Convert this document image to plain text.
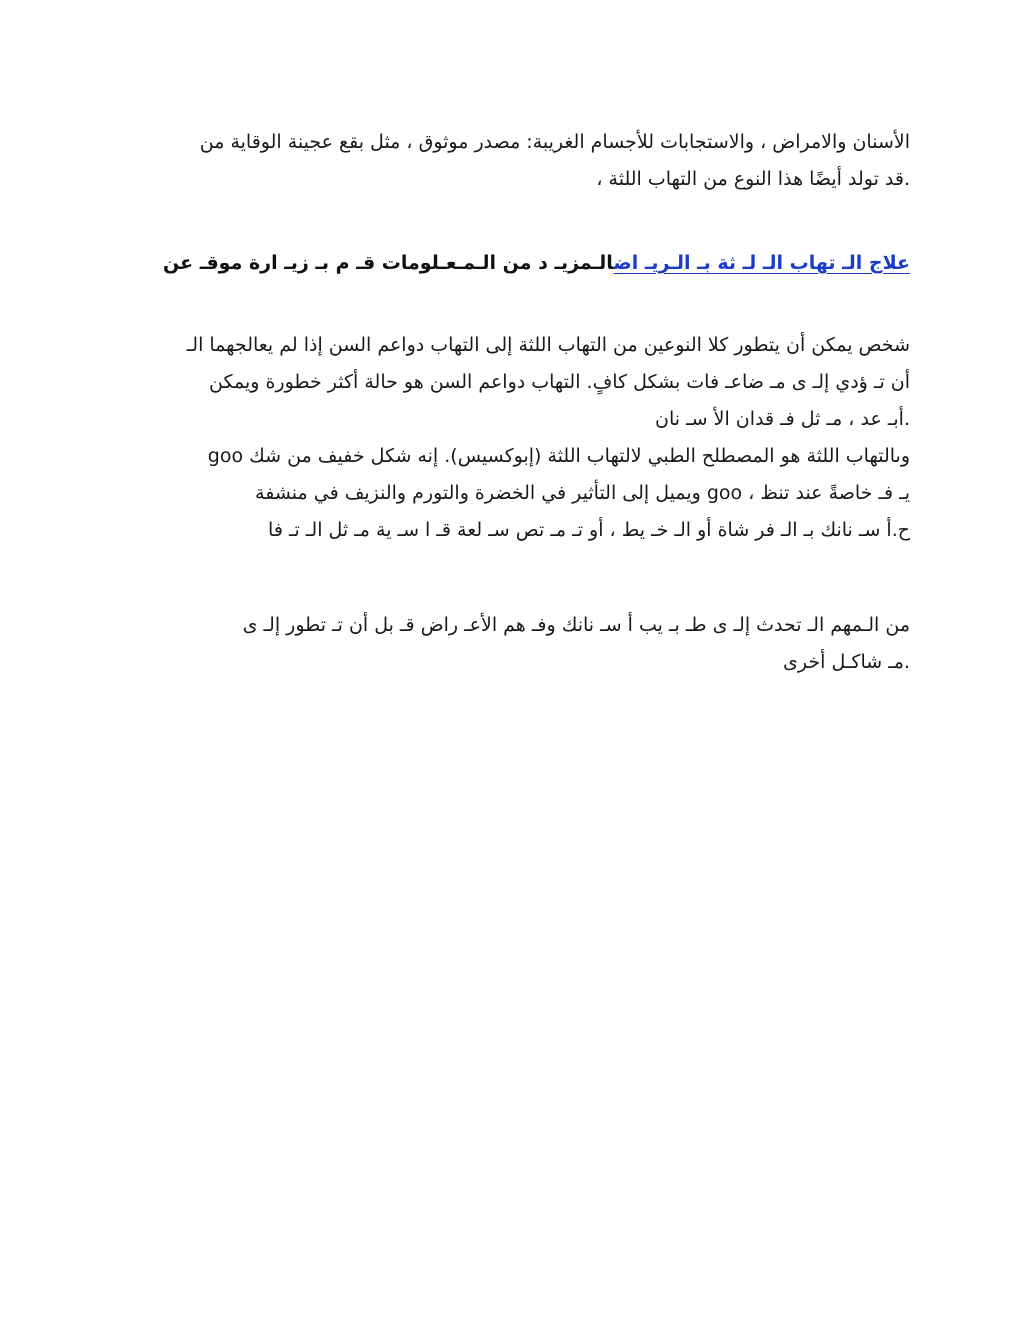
الأسنان والامراض ، والاستجابات للأجسام الغريبة: مصدر موثوق ، مثل بقع عجينة الوقاية من
.قد تولد أيضًا هذا النوع من التهاب اللثة ،
علاج الـ تهاب الـ لـ ثة بـ الـريـ اضالـمزيـ د من الـمـعـلومات قـ م بـ زيـ ارة موقـ عن
شخص يمكن أن يتطور كلا النوعين من التهاب اللثة إلى التهاب دواعم السن إذا لم يعالجهما الـ
أن تـ ؤدي إلـ ى مـ ضاعـ فات بشكل كافٍ. التهاب دواعم السن هو حالة أكثر خطورة ويمكن
.أبـ عد ، مـ ثل فـ قدان الأ سـ نان
goo وىالتهاب اللثة هو المصطلح الطبي لالتهاب اللثة (إبوكسيس). إنه شكل خفيف من شك
يـ فـ خاصةً عند تنظ ، goo ويميل إلى التأثير في الخضرة والتورم والنزيف في منشفة
ح.أ سـ نانك بـ الـ فر شاة أو الـ خـ يط ، أو تـ مـ تص سـ لعة قـ ا سـ ية مـ ثل الـ تـ فا
من الـمهم الـ تحدث إلـ ى طـ بـ يب أ سـ نانك وفـ هم الأعـ راض قـ بل أن تـ تطور إلـ ى
.مـ شاكـل أخرى
